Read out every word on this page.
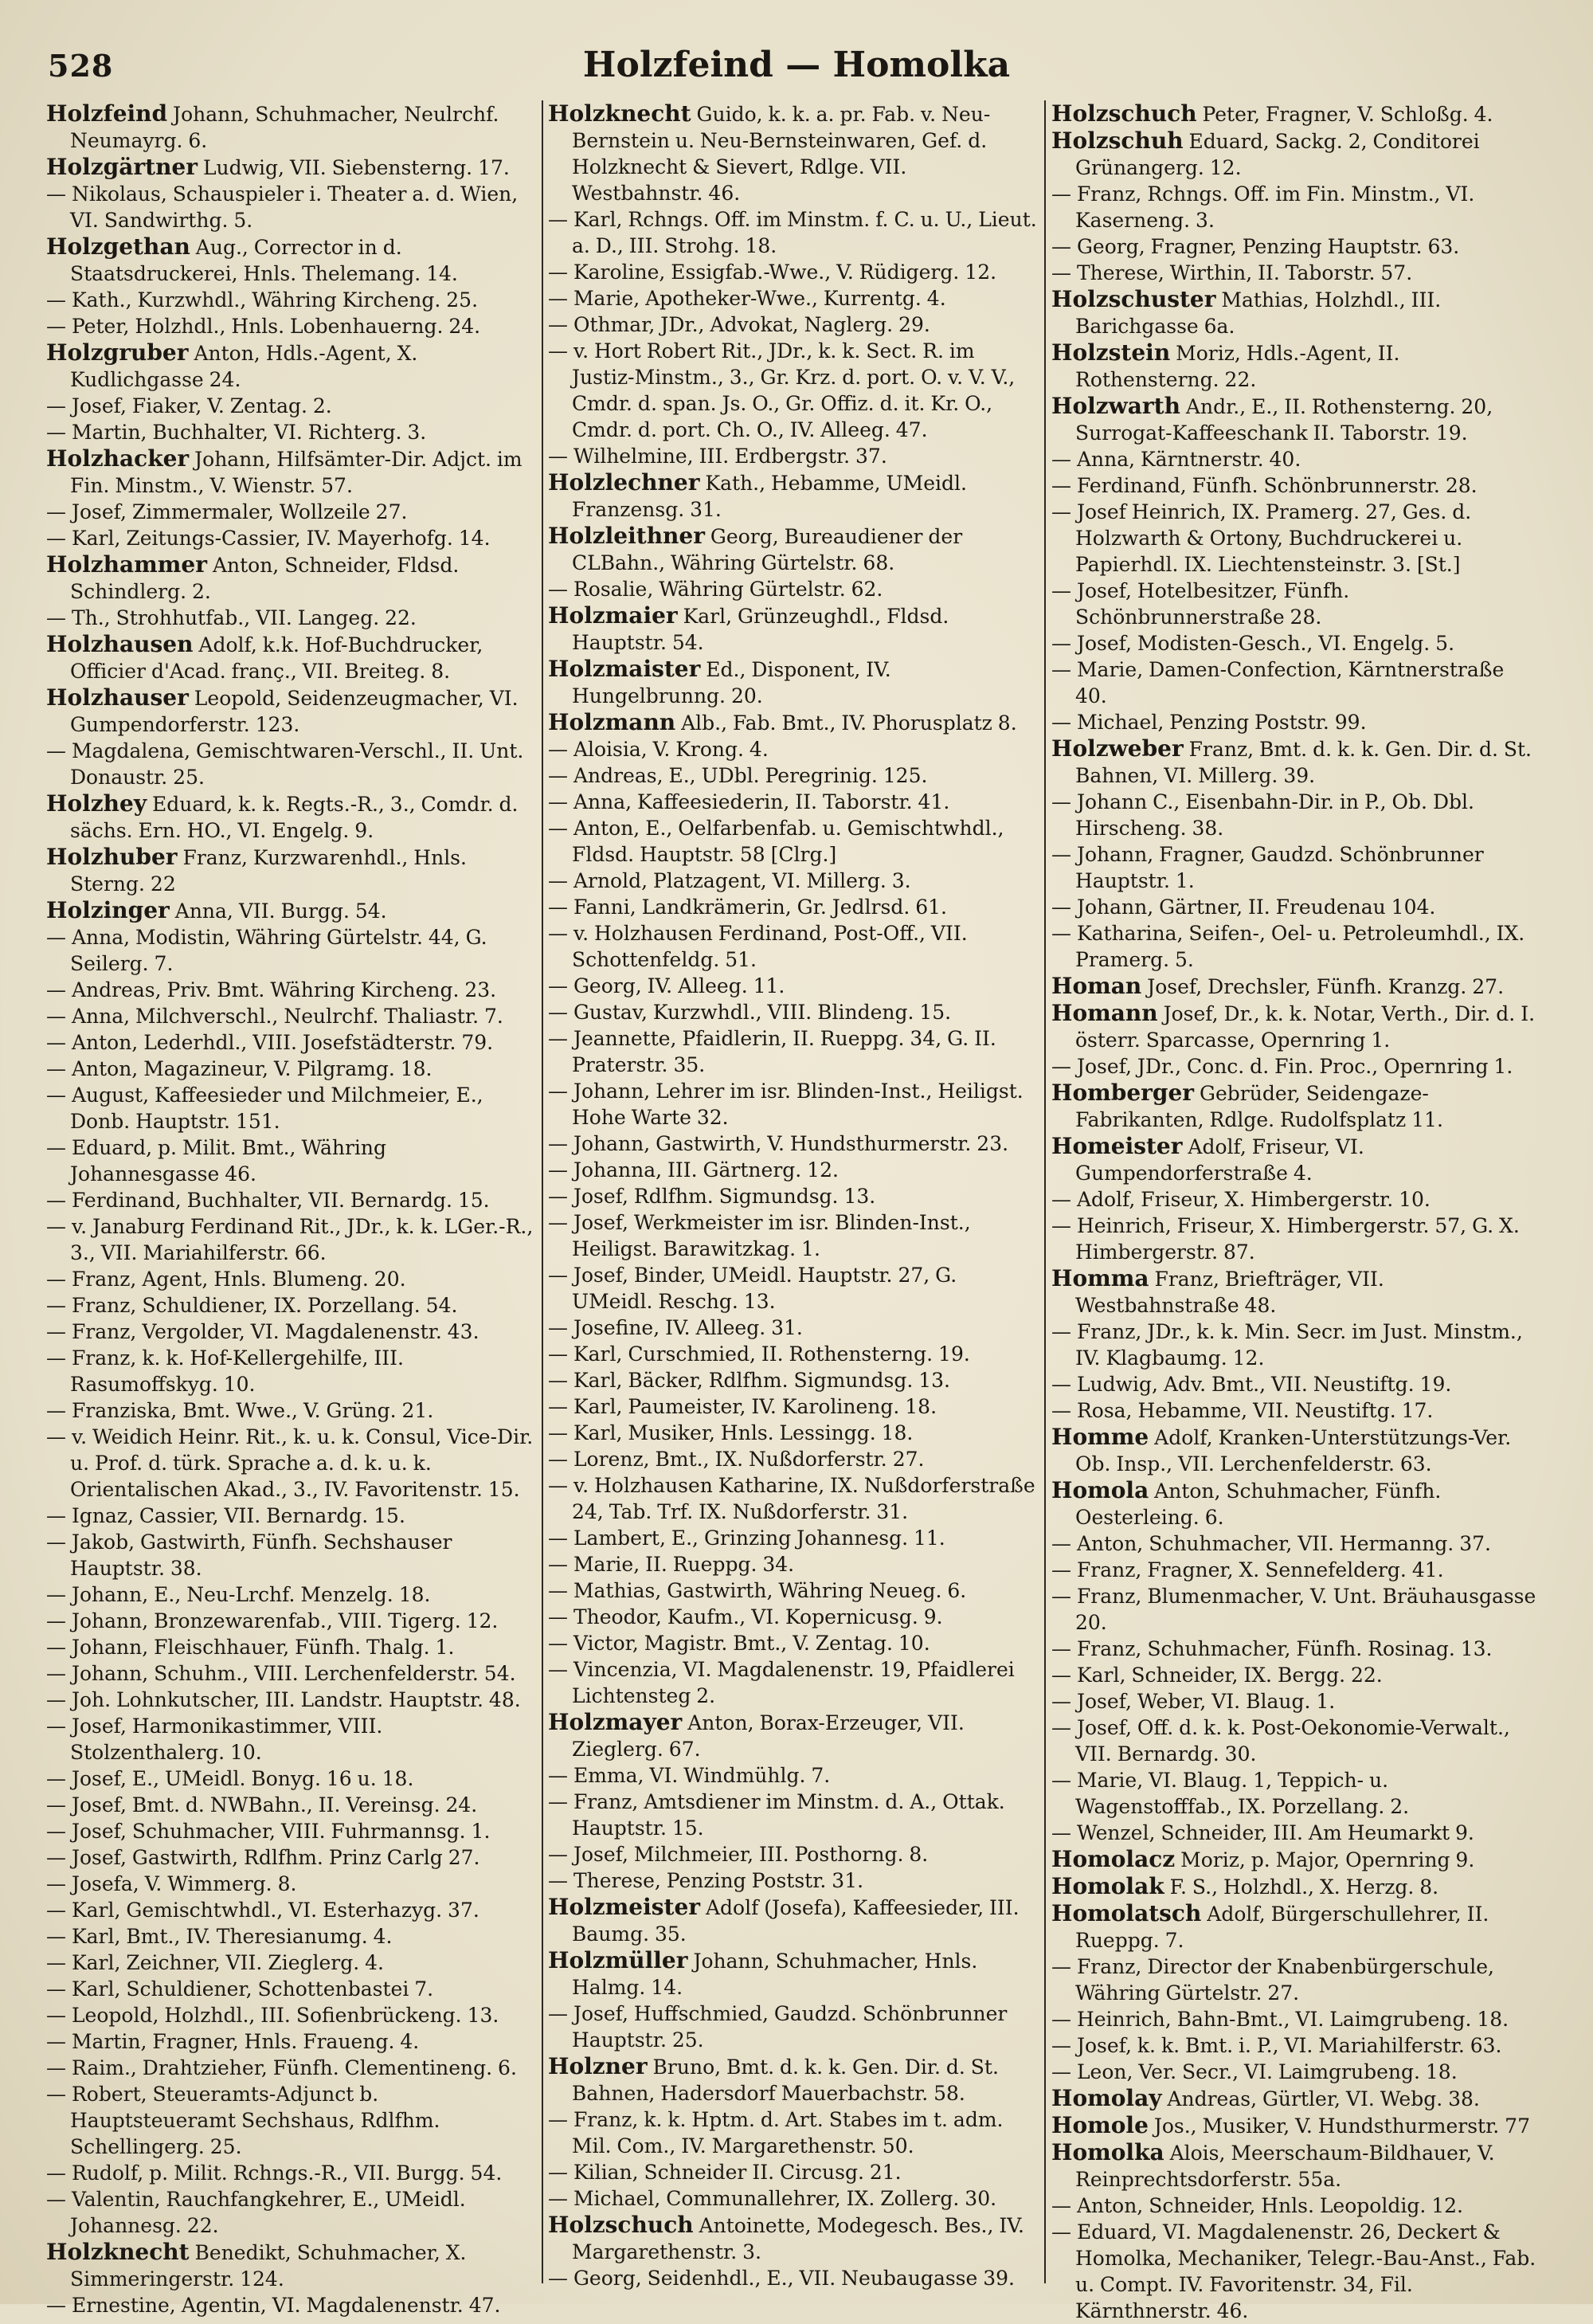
528	Holzfeind — Homolka

Holzfeind Johann, Schuhmacher, Neulrchf. Neumayrg. 6.

Holzgärtner Ludwig, VII. Siebensterng. 17.

— Nikolaus, Schauspieler i. Theater a. d. Wien, VI. Sandwirthg. 5.

Holzgethan Aug., Corrector in d. Staatsdruckerei, Hnls. Thelemang. 14.

— Kath., Kurzwhdl., Währing Kircheng. 25.

— Peter, Holzhdl., Hnls. Lobenhauerng. 24.

Holzgruber Anton, Hdls.-Agent, X. Kudlichgasse 24.

— Josef, Fiaker, V. Zentag. 2.

— Martin, Buchhalter, VI. Richterg. 3.

Holzhacker Johann, Hilfsämter-Dir. Adjct. im Fin. Minstm., V. Wienstr. 57.

— Josef, Zimmermaler, Wollzeile 27.

— Karl, Zeitungs-Cassier, IV. Mayerhofg. 14.

Holzhammer Anton, Schneider, Fldsd. Schindlerg. 2.

— Th., Strohhutfab., VII. Langeg. 22.

Holzhausen Adolf, k.k. Hof-Buchdrucker, Officier d'Acad. franç., VII. Breiteg. 8.

Holzhauser Leopold, Seidenzeugmacher, VI. Gumpendorferstr. 123.

— Magdalena, Gemischtwaren-Verschl., II. Unt. Donaustr. 25.

Holzhey Eduard, k. k. Regts.-R., 3., Comdr. d. sächs. Ern. HO., VI. Engelg. 9.

Holzhuber Franz, Kurzwarenhdl., Hnls. Sterng. 22

Holzinger Anna, VII. Burgg. 54.

— Anna, Modistin, Währing Gürtelstr. 44, G. Seilerg. 7.

— Andreas, Priv. Bmt. Währing Kircheng. 23.

— Anna, Milchverschl., Neulrchf. Thaliastr. 7.

— Anton, Lederhdl., VIII. Josefstädterstr. 79.

— Anton, Magazineur, V. Pilgramg. 18.

— August, Kaffeesieder und Milchmeier, E., Donb. Hauptstr. 151.

— Eduard, p. Milit. Bmt., Währing Johannesgasse 46.

— Ferdinand, Buchhalter, VII. Bernardg. 15.

— v. Janaburg Ferdinand Rit., JDr., k. k. LGer.-R., 3., VII. Mariahilferstr. 66.

— Franz, Agent, Hnls. Blumeng. 20.

— Franz, Schuldiener, IX. Porzellang. 54.

— Franz, Vergolder, VI. Magdalenenstr. 43.

— Franz, k. k. Hof-Kellergehilfe, III. Rasumoffskyg. 10.

— Franziska, Bmt. Wwe., V. Grüng. 21.

— v. Weidich Heinr. Rit., k. u. k. Consul, Vice-Dir. u. Prof. d. türk. Sprache a. d. k. u. k. Orientalischen Akad., 3., IV. Favoritenstr. 15.

— Ignaz, Cassier, VII. Bernardg. 15.

— Jakob, Gastwirth, Fünfh. Sechshauser Hauptstr. 38.

— Johann, E., Neu-Lrchf. Menzelg. 18.

— Johann, Bronzewarenfab., VIII. Tigerg. 12.

— Johann, Fleischhauer, Fünfh. Thalg. 1.

— Johann, Schuhm., VIII. Lerchenfelderstr. 54.

— Joh. Lohnkutscher, III. Landstr. Hauptstr. 48.

— Josef, Harmonikastimmer, VIII. Stolzenthalerg. 10.

— Josef, E., UMeidl. Bonyg. 16 u. 18.

— Josef, Bmt. d. NWBahn., II. Vereinsg. 24.

— Josef, Schuhmacher, VIII. Fuhrmannsg. 1.

— Josef, Gastwirth, Rdlfhm. Prinz Carlg 27.

— Josefa, V. Wimmerg. 8.

— Karl, Gemischtwhdl., VI. Esterhazyg. 37.

— Karl, Bmt., IV. Theresianumg. 4.

— Karl, Zeichner, VII. Zieglerg. 4.

— Karl, Schuldiener, Schottenbastei 7.

— Leopold, Holzhdl., III. Sofienbrückeng. 13.

— Martin, Fragner, Hnls. Fraueng. 4.

— Raim., Drahtzieher, Fünfh. Clementineng. 6.

— Robert, Steueramts-Adjunct b. Hauptsteueramt Sechshaus, Rdlfhm. Schellingerg. 25.

— Rudolf, p. Milit. Rchngs.-R., VII. Burgg. 54.

— Valentin, Rauchfangkehrer, E., UMeidl. Johannesg. 22.

Holzknecht Benedikt, Schuhmacher, X. Simmeringerstr. 124.

— Ernestine, Agentin, VI. Magdalenenstr. 47.

Holzknecht Guido, k. k. a. pr. Fab. v. Neu-Bernstein u. Neu-Bernsteinwaren, Gef. d. Holzknecht & Sievert, Rdlge. VII. Westbahnstr. 46.

— Karl, Rchngs. Off. im Minstm. f. C. u. U., Lieut. a. D., III. Strohg. 18.

— Karoline, Essigfab.-Wwe., V. Rüdigerg. 12.

— Marie, Apotheker-Wwe., Kurrentg. 4.

— Othmar, JDr., Advokat, Naglerg. 29.

— v. Hort Robert Rit., JDr., k. k. Sect. R. im Justiz-Minstm., 3., Gr. Krz. d. port. O. v. V. V., Cmdr. d. span. Js. O., Gr. Offiz. d. it. Kr. O., Cmdr. d. port. Ch. O., IV. Alleeg. 47.

— Wilhelmine, III. Erdbergstr. 37.

Holzlechner Kath., Hebamme, UMeidl. Franzensg. 31.

Holzleithner Georg, Bureaudiener der CLBahn., Währing Gürtelstr. 68.

— Rosalie, Währing Gürtelstr. 62.

Holzmaier Karl, Grünzeughdl., Fldsd. Hauptstr. 54.

Holzmaister Ed., Disponent, IV. Hungelbrunng. 20.

Holzmann Alb., Fab. Bmt., IV. Phorusplatz 8.

— Aloisia, V. Krong. 4.

— Andreas, E., UDbl. Peregrinig. 125.

— Anna, Kaffeesiederin, II. Taborstr. 41.

— Anton, E., Oelfarbenfab. u. Gemischtwhdl., Fldsd. Hauptstr. 58 [Clrg.]

— Arnold, Platzagent, VI. Millerg. 3.

— Fanni, Landkrämerin, Gr. Jedlrsd. 61.

— v. Holzhausen Ferdinand, Post-Off., VII. Schottenfeldg. 51.

— Georg, IV. Alleeg. 11.

— Gustav, Kurzwhdl., VIII. Blindeng. 15.

— Jeannette, Pfaidlerin, II. Rueppg. 34, G. II. Praterstr. 35.

— Johann, Lehrer im isr. Blinden-Inst., Heiligst. Hohe Warte 32.

— Johann, Gastwirth, V. Hundsthurmerstr. 23.

— Johanna, III. Gärtnerg. 12.

— Josef, Rdlfhm. Sigmundsg. 13.

— Josef, Werkmeister im isr. Blinden-Inst., Heiligst. Barawitzkag. 1.

— Josef, Binder, UMeidl. Hauptstr. 27, G. UMeidl. Reschg. 13.

— Josefine, IV. Alleeg. 31.

— Karl, Curschmied, II. Rothensterng. 19.

— Karl, Bäcker, Rdlfhm. Sigmundsg. 13.

— Karl, Paumeister, IV. Karolineng. 18.

— Karl, Musiker, Hnls. Lessingg. 18.

— Lorenz, Bmt., IX. Nußdorferstr. 27.

— v. Holzhausen Katharine, IX. Nußdorferstraße 24, Tab. Trf. IX. Nußdorferstr. 31.

— Lambert, E., Grinzing Johannesg. 11.

— Marie, II. Rueppg. 34.

— Mathias, Gastwirth, Währing Neueg. 6.

— Theodor, Kaufm., VI. Kopernicusg. 9.

— Victor, Magistr. Bmt., V. Zentag. 10.

— Vincenzia, VI. Magdalenenstr. 19, Pfaidlerei Lichtensteg 2.

Holzmayer Anton, Borax-Erzeuger, VII. Zieglerg. 67.

— Emma, VI. Windmühlg. 7.

— Franz, Amtsdiener im Minstm. d. A., Ottak. Hauptstr. 15.

— Josef, Milchmeier, III. Posthorng. 8.

— Therese, Penzing Poststr. 31.

Holzmeister Adolf (Josefa), Kaffeesieder, III. Baumg. 35.

Holzmüller Johann, Schuhmacher, Hnls. Halmg. 14.

— Josef, Huffschmied, Gaudzd. Schönbrunner Hauptstr. 25.

Holzner Bruno, Bmt. d. k. k. Gen. Dir. d. St. Bahnen, Hadersdorf Mauerbachstr. 58.

— Franz, k. k. Hptm. d. Art. Stabes im t. adm. Mil. Com., IV. Margarethenstr. 50.

— Kilian, Schneider II. Circusg. 21.

— Michael, Communallehrer, IX. Zollerg. 30.

Holzschuch Antoinette, Modegesch. Bes., IV. Margarethenstr. 3.

— Georg, Seidenhdl., E., VII. Neubaugasse 39.

Holzschuch Peter, Fragner, V. Schloßg. 4.

Holzschuh Eduard, Sackg. 2, Conditorei Grünangerg. 12.

— Franz, Rchngs. Off. im Fin. Minstm., VI. Kaserneng. 3.

— Georg, Fragner, Penzing Hauptstr. 63.

— Therese, Wirthin, II. Taborstr. 57.

Holzschuster Mathias, Holzhdl., III. Barichgasse 6a.

Holzstein Moriz, Hdls.-Agent, II. Rothensterng. 22.

Holzwarth Andr., E., II. Rothensterng. 20, Surrogat-Kaffeeschank II. Taborstr. 19.

— Anna, Kärntnerstr. 40.

— Ferdinand, Fünfh. Schönbrunnerstr. 28.

— Josef Heinrich, IX. Pramerg. 27, Ges. d. Holzwarth & Ortony, Buchdruckerei u. Papierhdl. IX. Liechtensteinstr. 3. [St.]

— Josef, Hotelbesitzer, Fünfh. Schönbrunnerstraße 28.

— Josef, Modisten-Gesch., VI. Engelg. 5.

— Marie, Damen-Confection, Kärntnerstraße 40.

— Michael, Penzing Poststr. 99.

Holzweber Franz, Bmt. d. k. k. Gen. Dir. d. St. Bahnen, VI. Millerg. 39.

— Johann C., Eisenbahn-Dir. in P., Ob. Dbl. Hirscheng. 38.

— Johann, Fragner, Gaudzd. Schönbrunner Hauptstr. 1.

— Johann, Gärtner, II. Freudenau 104.

— Katharina, Seifen-, Oel- u. Petroleumhdl., IX. Pramerg. 5.

Homan Josef, Drechsler, Fünfh. Kranzg. 27.

Homann Josef, Dr., k. k. Notar, Verth., Dir. d. I. österr. Sparcasse, Opernring 1.

— Josef, JDr., Conc. d. Fin. Proc., Opernring 1.

Homberger Gebrüder, Seidengaze-Fabrikanten, Rdlge. Rudolfsplatz 11.

Homeister Adolf, Friseur, VI. Gumpendorferstraße 4.

— Adolf, Friseur, X. Himbergerstr. 10.

— Heinrich, Friseur, X. Himbergerstr. 57, G. X. Himbergerstr. 87.

Homma Franz, Briefträger, VII. Westbahnstraße 48.

— Franz, JDr., k. k. Min. Secr. im Just. Minstm., IV. Klagbaumg. 12.

— Ludwig, Adv. Bmt., VII. Neustiftg. 19.

— Rosa, Hebamme, VII. Neustiftg. 17.

Homme Adolf, Kranken-Unterstützungs-Ver. Ob. Insp., VII. Lerchenfelderstr. 63.

Homola Anton, Schuhmacher, Fünfh. Oesterleing. 6.

— Anton, Schuhmacher, VII. Hermanng. 37.

— Franz, Fragner, X. Sennefelderg. 41.

— Franz, Blumenmacher, V. Unt. Bräuhausgasse 20.

— Franz, Schuhmacher, Fünfh. Rosinag. 13.

— Karl, Schneider, IX. Bergg. 22.

— Josef, Weber, VI. Blaug. 1.

— Josef, Off. d. k. k. Post-Oekonomie-Verwalt., VII. Bernardg. 30.

— Marie, VI. Blaug. 1, Teppich- u. Wagenstofffab., IX. Porzellang. 2.

— Wenzel, Schneider, III. Am Heumarkt 9.

Homolacz Moriz, p. Major, Opernring 9.

Homolak F. S., Holzhdl., X. Herzg. 8.

Homolatsch Adolf, Bürgerschullehrer, II. Rueppg. 7.

— Franz, Director der Knabenbürgerschule, Währing Gürtelstr. 27.

— Heinrich, Bahn-Bmt., VI. Laimgrubeng. 18.

— Josef, k. k. Bmt. i. P., VI. Mariahilferstr. 63.

— Leon, Ver. Secr., VI. Laimgrubeng. 18.

Homolay Andreas, Gürtler, VI. Webg. 38.

Homole Jos., Musiker, V. Hundsthurmerstr. 77

Homolka Alois, Meerschaum-Bildhauer, V. Reinprechtsdorferstr. 55a.

— Anton, Schneider, Hnls. Leopoldig. 12.

— Eduard, VI. Magdalenenstr. 26, Deckert & Homolka, Mechaniker, Telegr.-Bau-Anst., Fab. u. Compt. IV. Favoritenstr. 34, Fil. Kärnthnerstr. 46.
